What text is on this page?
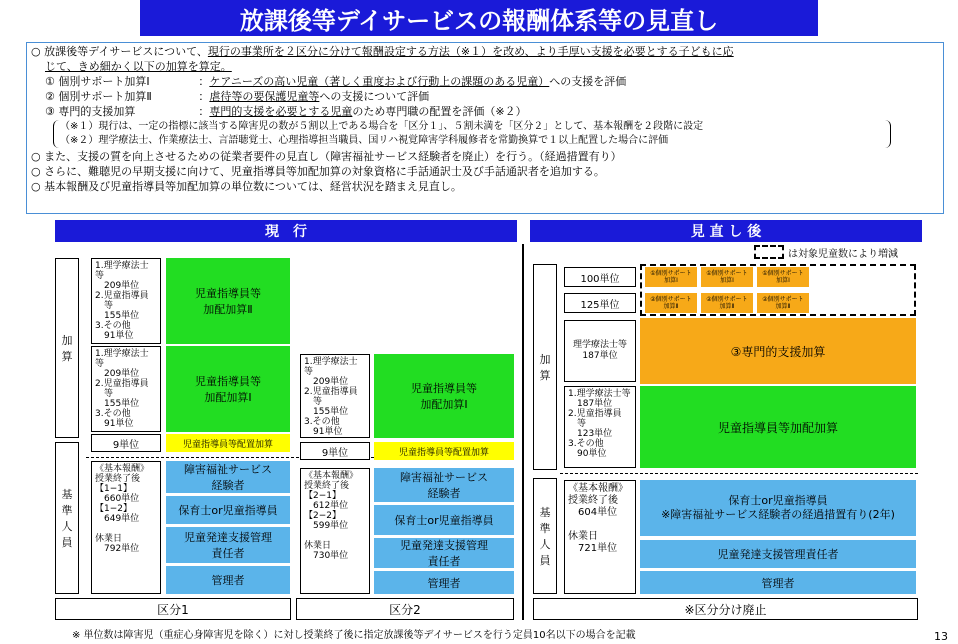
放課後等デイサービスの報酬体系等の見直し

○ 放課後等デイサービスについて、現行の事業所を２区分に分けて報酬設定する方法（※１）を改め、より手厚い支援を必要とする子どもに応

じて、きめ細かく以下の加算を算定。

① 個別サポート加算Ⅰ	：ケアニーズの高い児童（著しく重度および行動上の課題のある児童）への支援を評価

② 個別サポート加算Ⅱ	：虐待等の要保護児童等への支援について評価

③ 専門的支援加算	：専門的支援を必要とする児童のため専門職の配置を評価（※２）

（※１）現行は、一定の指標に該当する障害児の数が５割以上である場合を「区分１」、５割未満を「区分２」として、基本報酬を２段階に設定

（※２）理学療法士、作業療法士、言語聴覚士、心理指導担当職員、国リハ視覚障害学科履修者を常勤換算で１以上配置した場合に評価

○ また、支援の質を向上させるための従業者要件の見直し（障害福祉サービス経験者を廃止）を行う。（経過措置有り）

○ さらに、難聴児の早期支援に向けて、児童指導員等加配加算の対象資格に手話通訳士及び手話通訳者を追加する。

○ 基本報酬及び児童指導員等加配加算の単位数については、経営状況を踏まえ見直し。

現　行	見 直 し 後
加
算
基
準
人
員
1.理学療法士等
　209単位
2.児童指導員
　等
　155単位
3.その他
　91単位
児童指導員等
加配加算Ⅱ
1.理学療法士等
　209単位
2.児童指導員
　等
　155単位
3.その他
　91単位
児童指導員等
加配加算Ⅰ
9単位	児童指導員等配置加算
《基本報酬》
授業終了後
【1−1】
　660単位
【1−2】
　649単位

休業日
　792単位
障害福祉サービス
経験者
保育士or児童指導員
児童発達支援管理
責任者
管理者
1.理学療法士等
　209単位
2.児童指導員
　等
　155単位
3.その他
　91単位
児童指導員等
加配加算Ⅰ
9単位	児童指導員等配置加算
《基本報酬》
授業終了後
【2−1】
　612単位
【2−2】
　599単位

休業日
　730単位
障害福祉サービス
経験者
保育士or児童指導員
児童発達支援管理
責任者
管理者
区分1	区分2
は対象児童数により増減
加
算
基
準
人
員
100単位
125単位
①個別サポート
加算Ⅰ
①個別サポート
加算Ⅰ
①個別サポート
加算Ⅰ
②個別サポート
加算Ⅱ
②個別サポート
加算Ⅱ
②個別サポート
加算Ⅱ
理学療法士等
187単位	③専門的支援加算
1.理学療法士等
　187単位
2.児童指導員
　等
　123単位
3.その他
　90単位
児童指導員等加配加算
《基本報酬》
授業終了後
　604単位

休業日
　721単位
保育士or児童指導員
※障害福祉サービス経験者の経過措置有り(2年)
児童発達支援管理責任者
管理者
※区分分け廃止
※ 単位数は障害児（重症心身障害児を除く）に対し授業終了後に指定放課後等デイサービスを行う定員10名以下の場合を記載	13
